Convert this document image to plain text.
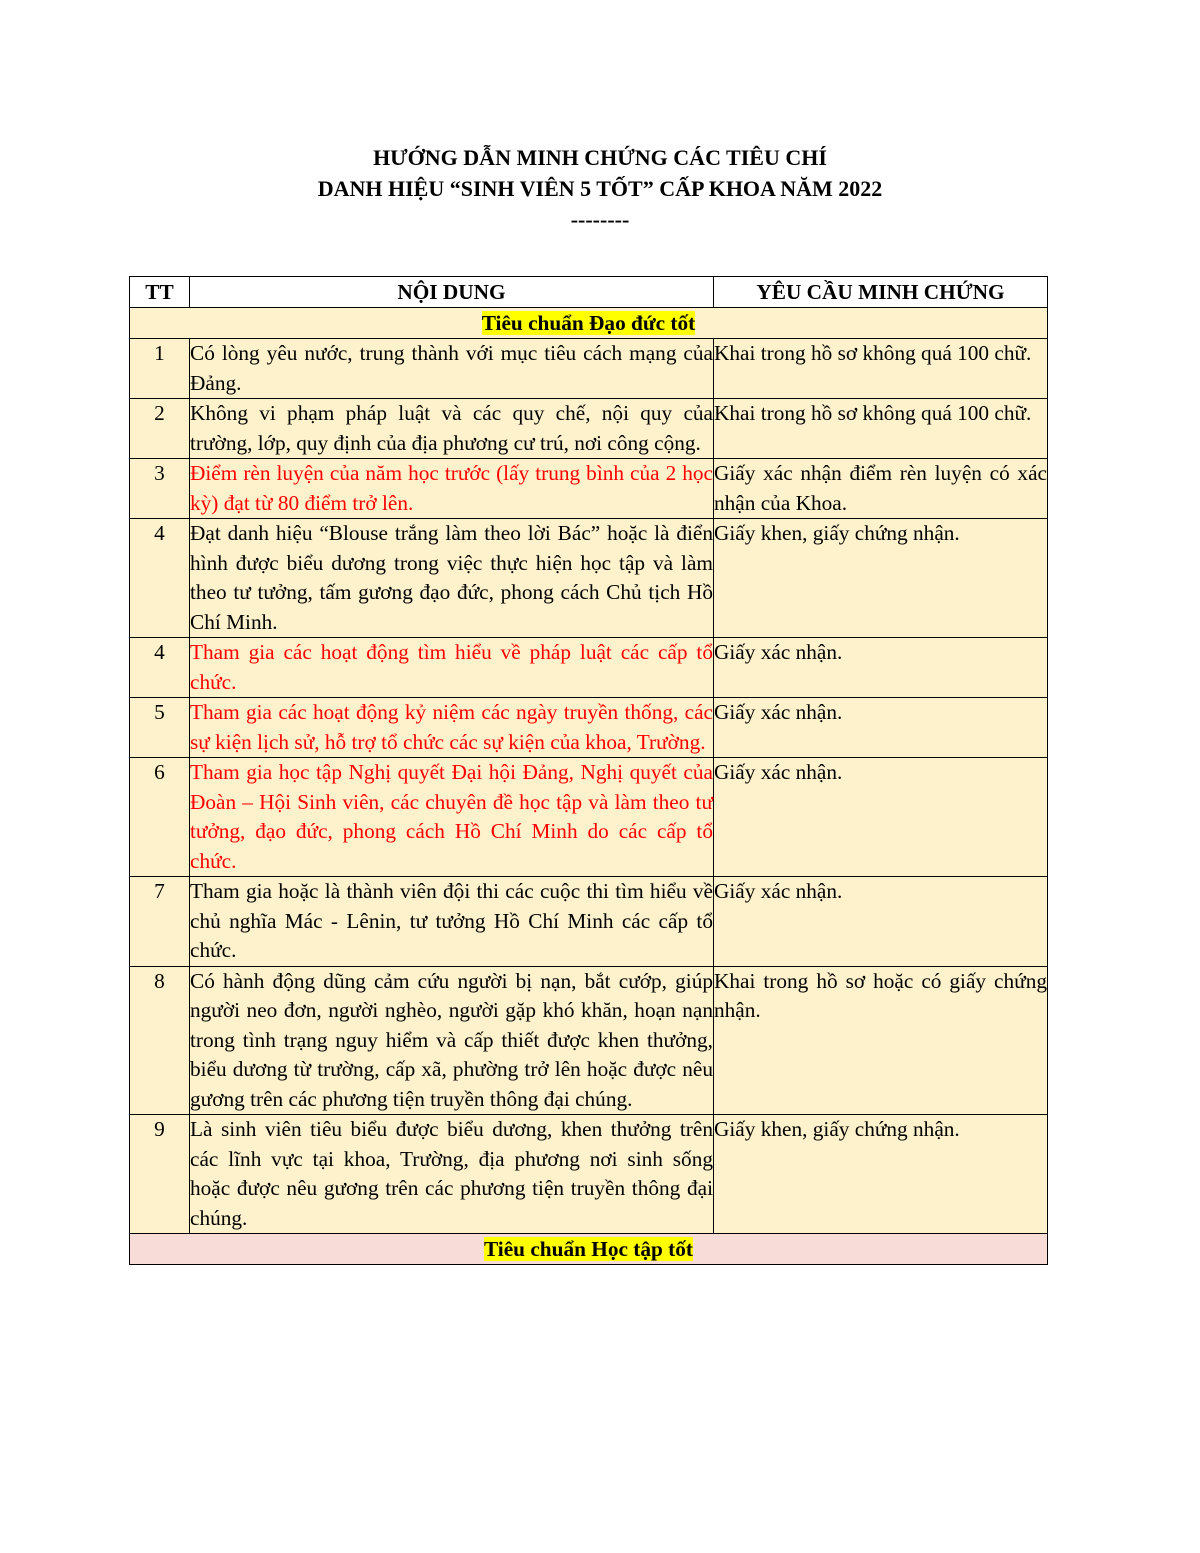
HƯỚNG DẪN MINH CHỨNG CÁC TIÊU CHÍ
DANH HIỆU “SINH VIÊN 5 TỐT” CẤP KHOA NĂM 2022
--------
TT	NỘI DUNG	YÊU CẦU MINH CHỨNG
Tiêu chuẩn Đạo đức tốt		
1	Có lòng yêu nước, trung thành với mục tiêu cách mạng của Đảng.	Khai trong hồ sơ không quá 100 chữ.
2	Không vi phạm pháp luật và các quy chế, nội quy của trường, lớp, quy định của địa phương cư trú, nơi công cộng.	Khai trong hồ sơ không quá 100 chữ.
3	Điểm rèn luyện của năm học trước (lấy trung bình của 2 học kỳ) đạt từ 80 điểm trở lên.	Giấy xác nhận điểm rèn luyện có xác nhận của Khoa.
4	Đạt danh hiệu “Blouse trắng làm theo lời Bác” hoặc là điển hình được biểu dương trong việc thực hiện học tập và làm theo tư tưởng, tấm gương đạo đức, phong cách Chủ tịch Hồ Chí Minh.	Giấy khen, giấy chứng nhận.
4	Tham gia các hoạt động tìm hiểu về pháp luật các cấp tổ chức.	Giấy xác nhận.
5	Tham gia các hoạt động kỷ niệm các ngày truyền thống, các sự kiện lịch sử, hỗ trợ tổ chức các sự kiện của khoa, Trường.	Giấy xác nhận.
6	Tham gia học tập Nghị quyết Đại hội Đảng, Nghị quyết của Đoàn – Hội Sinh viên, các chuyên đề học tập và làm theo tư tưởng, đạo đức, phong cách Hồ Chí Minh do các cấp tổ chức.	Giấy xác nhận.
7	Tham gia hoặc là thành viên đội thi các cuộc thi tìm hiểu về chủ nghĩa Mác - Lênin, tư tưởng Hồ Chí Minh các cấp tổ chức.	Giấy xác nhận.
8	Có hành động dũng cảm cứu người bị nạn, bắt cướp, giúp người neo đơn, người nghèo, người gặp khó khăn, hoạn nạn trong tình trạng nguy hiểm và cấp thiết được khen thưởng, biểu dương từ trường, cấp xã, phường trở lên hoặc được nêu gương trên các phương tiện truyền thông đại chúng.	Khai trong hồ sơ hoặc có giấy chứng nhận.
9	Là sinh viên tiêu biểu được biểu dương, khen thưởng trên các lĩnh vực tại khoa, Trường, địa phương nơi sinh sống hoặc được nêu gương trên các phương tiện truyền thông đại chúng.	Giấy khen, giấy chứng nhận.
Tiêu chuẩn Học tập tốt		
